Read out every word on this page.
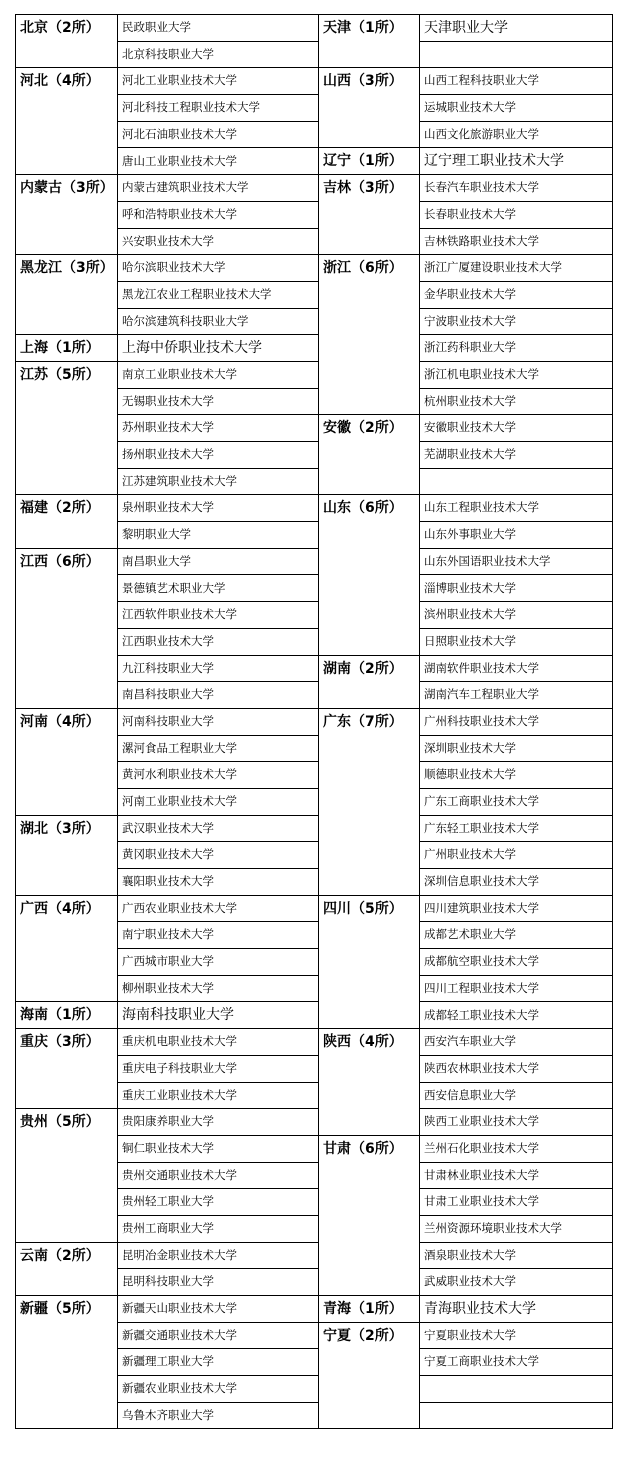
北京（2所）	民政职业大学	天津（1所）	天津职业大学
	北京科技职业大学		
河北（4所）	河北工业职业技术大学	山西（3所）	山西工程科技职业大学
	河北科技工程职业技术大学		运城职业技术大学
	河北石油职业技术大学		山西文化旅游职业大学
	唐山工业职业技术大学	辽宁（1所）	辽宁理工职业技术大学
内蒙古（3所）	内蒙古建筑职业技术大学	吉林（3所）	长春汽车职业技术大学
	呼和浩特职业技术大学		长春职业技术大学
	兴安职业技术大学		吉林铁路职业技术大学
黑龙江（3所）	哈尔滨职业技术大学	浙江（6所）	浙江广厦建设职业技术大学
	黑龙江农业工程职业技术大学		金华职业技术大学
	哈尔滨建筑科技职业大学		宁波职业技术大学
上海（1所）	上海中侨职业技术大学		浙江药科职业大学
江苏（5所）	南京工业职业技术大学		浙江机电职业技术大学
	无锡职业技术大学		杭州职业技术大学
	苏州职业技术大学	安徽（2所）	安徽职业技术大学
	扬州职业技术大学		芜湖职业技术大学
	江苏建筑职业技术大学		
福建（2所）	泉州职业技术大学	山东（6所）	山东工程职业技术大学
	黎明职业大学		山东外事职业大学
江西（6所）	南昌职业大学		山东外国语职业技术大学
	景德镇艺术职业大学		淄博职业技术大学
	江西软件职业技术大学		滨州职业技术大学
	江西职业技术大学		日照职业技术大学
	九江科技职业大学	湖南（2所）	湖南软件职业技术大学
	南昌科技职业大学		湖南汽车工程职业大学
河南（4所）	河南科技职业大学	广东（7所）	广州科技职业技术大学
	漯河食品工程职业大学		深圳职业技术大学
	黄河水利职业技术大学		顺德职业技术大学
	河南工业职业技术大学		广东工商职业技术大学
湖北（3所）	武汉职业技术大学		广东轻工职业技术大学
	黄冈职业技术大学		广州职业技术大学
	襄阳职业技术大学		深圳信息职业技术大学
广西（4所）	广西农业职业技术大学	四川（5所）	四川建筑职业技术大学
	南宁职业技术大学		成都艺术职业大学
	广西城市职业大学		成都航空职业技术大学
	柳州职业技术大学		四川工程职业技术大学
海南（1所）	海南科技职业大学		成都轻工职业技术大学
重庆（3所）	重庆机电职业技术大学	陕西（4所）	西安汽车职业大学
	重庆电子科技职业大学		陕西农林职业技术大学
	重庆工业职业技术大学		西安信息职业大学
贵州（5所）	贵阳康养职业大学		陕西工业职业技术大学
	铜仁职业技术大学	甘肃（6所）	兰州石化职业技术大学
	贵州交通职业技术大学		甘肃林业职业技术大学
	贵州轻工职业大学		甘肃工业职业技术大学
	贵州工商职业大学		兰州资源环境职业技术大学
云南（2所）	昆明冶金职业技术大学		酒泉职业技术大学
	昆明科技职业大学		武威职业技术大学
新疆（5所）	新疆天山职业技术大学	青海（1所）	青海职业技术大学
	新疆交通职业技术大学	宁夏（2所）	宁夏职业技术大学
	新疆理工职业大学		宁夏工商职业技术大学
	新疆农业职业技术大学		
	乌鲁木齐职业大学		
